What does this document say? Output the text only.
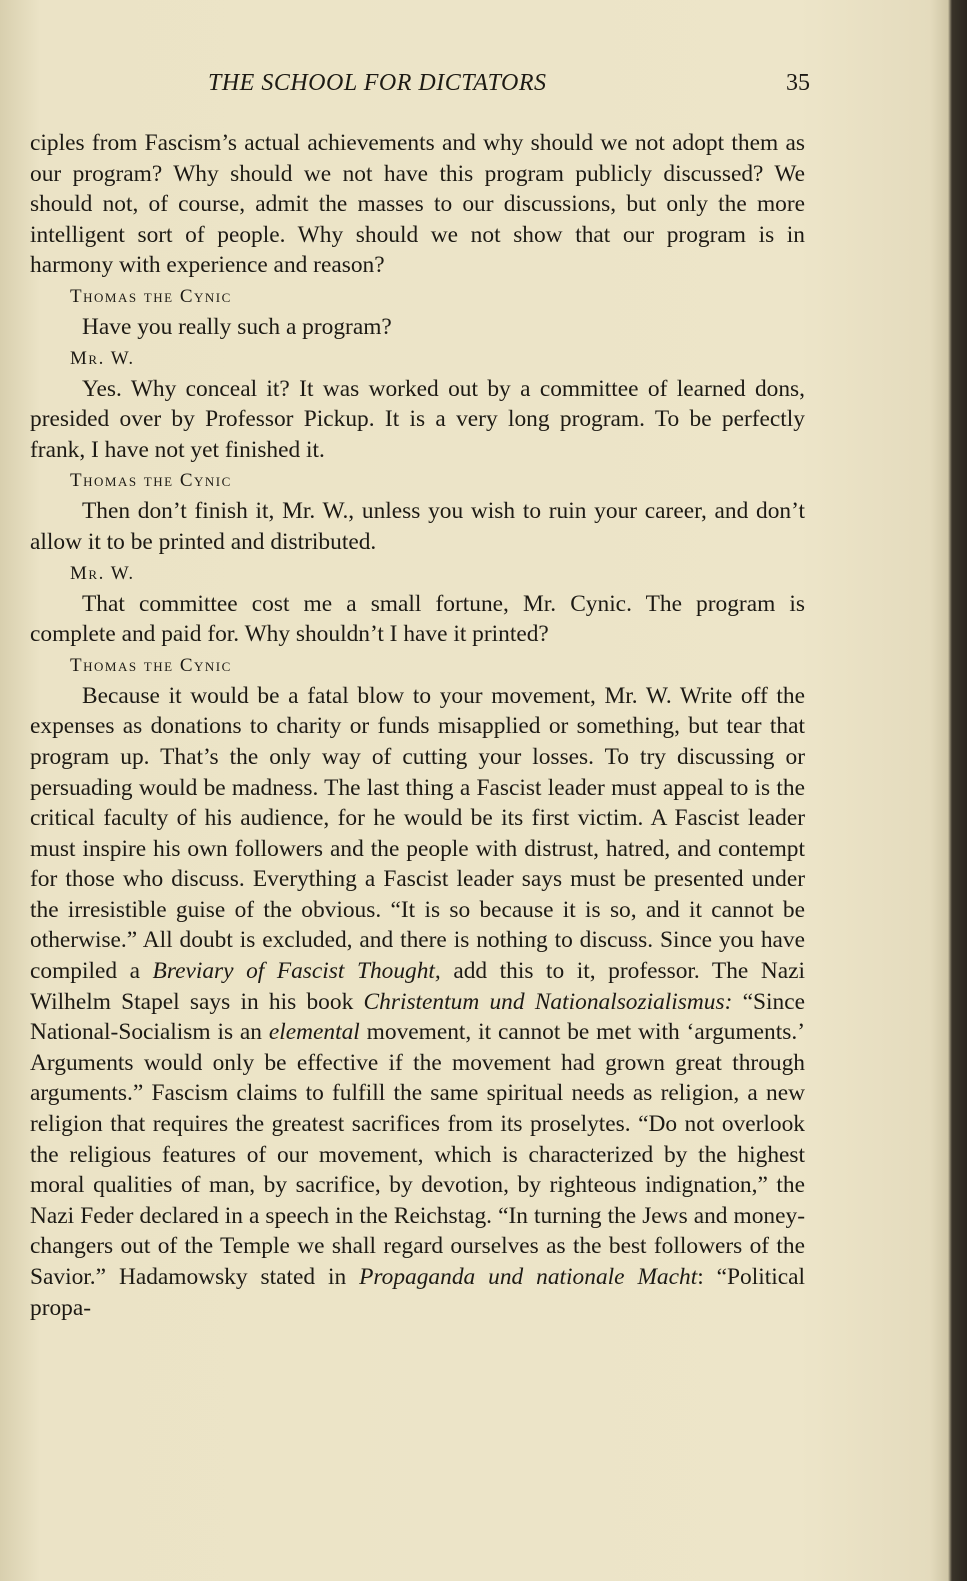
THE SCHOOL FOR DICTATORS	35

ciples from Fascism’s actual achievements and why should we not adopt them as our program? Why should we not have this program publicly discussed? We should not, of course, admit the masses to our discussions, but only the more intelligent sort of people. Why should we not show that our program is in harmony with experience and reason?

Thomas the Cynic

Have you really such a program?

Mr. W.

Yes. Why conceal it? It was worked out by a committee of learned dons, presided over by Professor Pickup. It is a very long program. To be perfectly frank, I have not yet finished it.

Thomas the Cynic

Then don’t finish it, Mr. W., unless you wish to ruin your career, and don’t allow it to be printed and distributed.

Mr. W.

That committee cost me a small fortune, Mr. Cynic. The program is complete and paid for. Why shouldn’t I have it printed?

Thomas the Cynic

Because it would be a fatal blow to your movement, Mr. W. Write off the expenses as donations to charity or funds misapplied or something, but tear that program up. That’s the only way of cutting your losses. To try discussing or persuading would be madness. The last thing a Fascist leader must appeal to is the critical faculty of his audience, for he would be its first victim. A Fascist leader must inspire his own followers and the people with distrust, hatred, and contempt for those who discuss. Everything a Fascist leader says must be presented under the irresistible guise of the obvious. “It is so because it is so, and it cannot be otherwise.” All doubt is excluded, and there is nothing to discuss. Since you have compiled a Breviary of Fascist Thought, add this to it, professor. The Nazi Wilhelm Stapel says in his book Christentum und Nationalsozialismus: “Since National-Socialism is an elemental movement, it cannot be met with ‘arguments.’ Arguments would only be effective if the movement had grown great through arguments.” Fascism claims to fulfill the same spiritual needs as religion, a new religion that requires the greatest sacrifices from its proselytes. “Do not overlook the religious features of our movement, which is characterized by the highest moral qualities of man, by sacrifice, by devotion, by righteous indignation,” the Nazi Feder declared in a speech in the Reichstag. “In turning the Jews and money-changers out of the Temple we shall regard ourselves as the best followers of the Savior.” Hadamowsky stated in Propaganda und nationale Macht: “Political propa-
